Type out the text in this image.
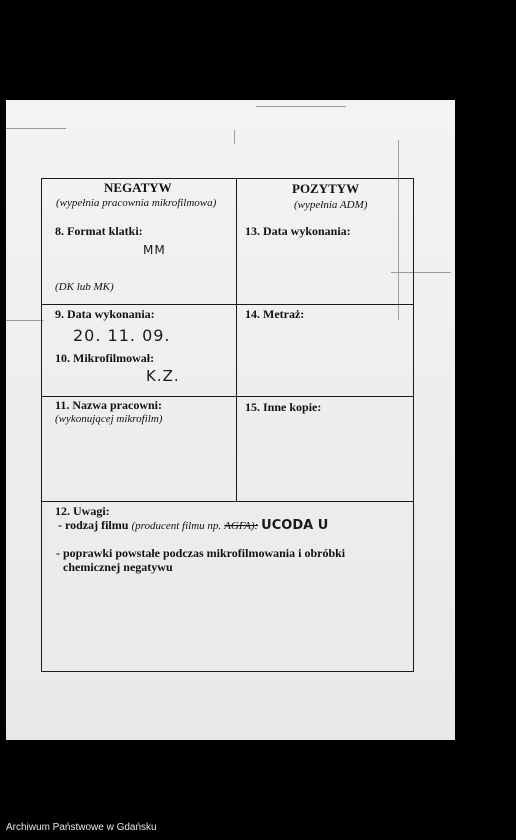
NEGATYW
(wypełnia pracownia mikrofilmowa)
POZYTYW
(wypełnia ADM)
8. Format klatki:
MM
(DK lub MK)
13. Data wykonania:
9. Data wykonania:
20. 11. 09.
10. Mikrofilmował:
K.Z.
14. Metraż:
11. Nazwa pracowni:
(wykonującej mikrofilm)
15. Inne kopie:
12. Uwagi:
- rodzaj filmu (producent filmu np. AGFA): UCODA U
- poprawki powstałe podczas mikrofilmowania i obróbki
chemicznej negatywu
Archiwum Państwowe w Gdańsku
